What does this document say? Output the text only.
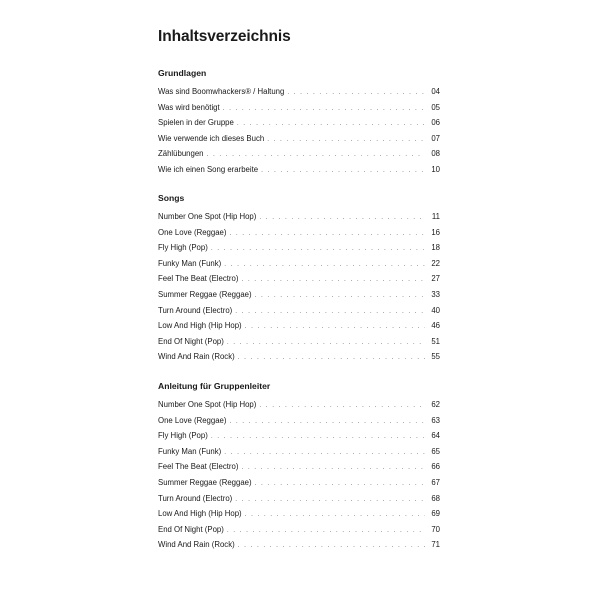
Inhaltsverzeichnis
Grundlagen
Was sind Boomwhackers® / Haltung . . .	04
Was wird benötigt . . .	05
Spielen in der Gruppe . . .	06
Wie verwende ich dieses Buch . . .	07
Zählübungen . . .	08
Wie ich einen Song erarbeite . . .	10
Songs
Number One Spot (Hip Hop) . . .	11
One Love (Reggae) . . .	16
Fly High (Pop) . . .	18
Funky Man (Funk) . . .	22
Feel The Beat (Electro) . . .	27
Summer Reggae (Reggae) . . .	33
Turn Around (Electro) . . .	40
Low And High (Hip Hop) . . .	46
End Of Night (Pop) . . .	51
Wind And Rain (Rock) . . .	55
Anleitung für Gruppenleiter
Number One Spot (Hip Hop) . . .	62
One Love (Reggae) . . .	63
Fly High (Pop) . . .	64
Funky Man (Funk) . . .	65
Feel The Beat (Electro) . . .	66
Summer Reggae (Reggae) . . .	67
Turn Around (Electro) . . .	68
Low And High (Hip Hop) . . .	69
End Of Night (Pop) . . .	70
Wind And Rain (Rock) . . .	71
